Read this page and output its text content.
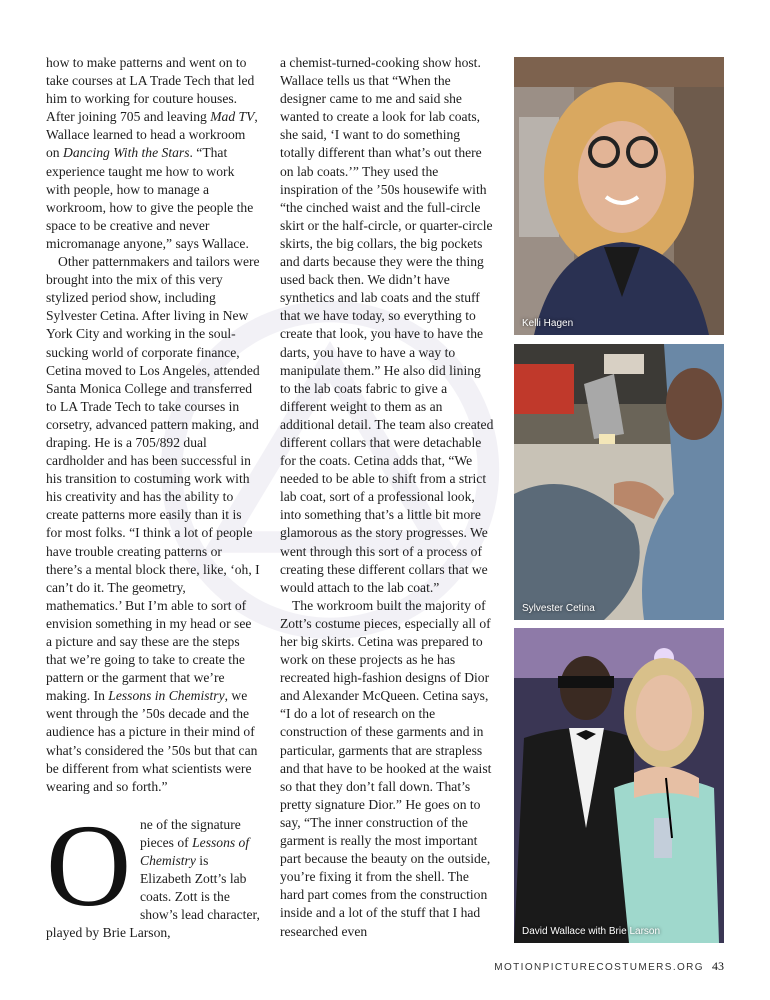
how to make patterns and went on to take courses at LA Trade Tech that led him to working for couture houses. After joining 705 and leaving Mad TV, Wallace learned to head a workroom on Dancing With the Stars. “That experience taught me how to work with people, how to manage a workroom, how to give the people the space to be creative and never micromanage anyone,” says Wallace.

Other patternmakers and tailors were brought into the mix of this very stylized period show, including Sylvester Cetina. After living in New York City and working in the soul-sucking world of corporate finance, Cetina moved to Los Angeles, attended Santa Monica College and transferred to LA Trade Tech to take courses in corsetry, advanced pattern making, and draping. He is a 705/892 dual cardholder and has been successful in his transition to costuming work with his creativity and has the ability to create patterns more easily than it is for most folks. “I think a lot of people have trouble creating patterns or there’s a mental block there, like, ‘oh, I can’t do it. The geometry, mathematics.’ But I’m able to sort of envision something in my head or see a picture and say these are the steps that we’re going to take to create the pattern or the garment that we’re making. In Lessons in Chemistry, we went through the ’50s decade and the audience has a picture in their mind of what’s considered the ’50s but that can be different from what scientists were wearing and so forth.”

O ne of the signature pieces of Lessons of Chemistry is Elizabeth Zott’s lab coats. Zott is the show’s lead character, played by Brie Larson,

a chemist-turned-cooking show host. Wallace tells us that “When the designer came to me and said she wanted to create a look for lab coats, she said, ‘I want to do something totally different than what’s out there on lab coats.’” They used the inspiration of the ’50s housewife with “the cinched waist and the full-circle skirt or the half-circle, or quarter-circle skirts, the big collars, the big pockets and darts because they were the thing used back then. We didn’t have synthetics and lab coats and the stuff that we have today, so everything to create that look, you have to have the darts, you have to have a way to manipulate them.” He also did lining to the lab coats fabric to give a different weight to them as an additional detail. The team also created different collars that were detachable for the coats. Cetina adds that, “We needed to be able to shift from a strict lab coat, sort of a professional look, into something that’s a little bit more glamorous as the story progresses. We went through this sort of a process of creating these different collars that we would attach to the lab coat.”

The workroom built the majority of Zott’s costume pieces, especially all of her big skirts. Cetina was prepared to work on these projects as he has recreated high-fashion designs of Dior and Alexander McQueen. Cetina says, “I do a lot of research on the construction of these garments and in particular, garments that are strapless and that have to be hooked at the waist so that they don’t fall down. That’s pretty signature Dior.” He goes on to say, “The inner construction of the garment is really the most important part because the beauty on the outside, you’re fixing it from the shell. The hard part comes from the construction inside and a lot of the stuff that I had researched even

Kelli Hagen
Sylvester Cetina
David Wallace with Brie Larson
MOTIONPICTURECOSTUMERS.ORG 43
